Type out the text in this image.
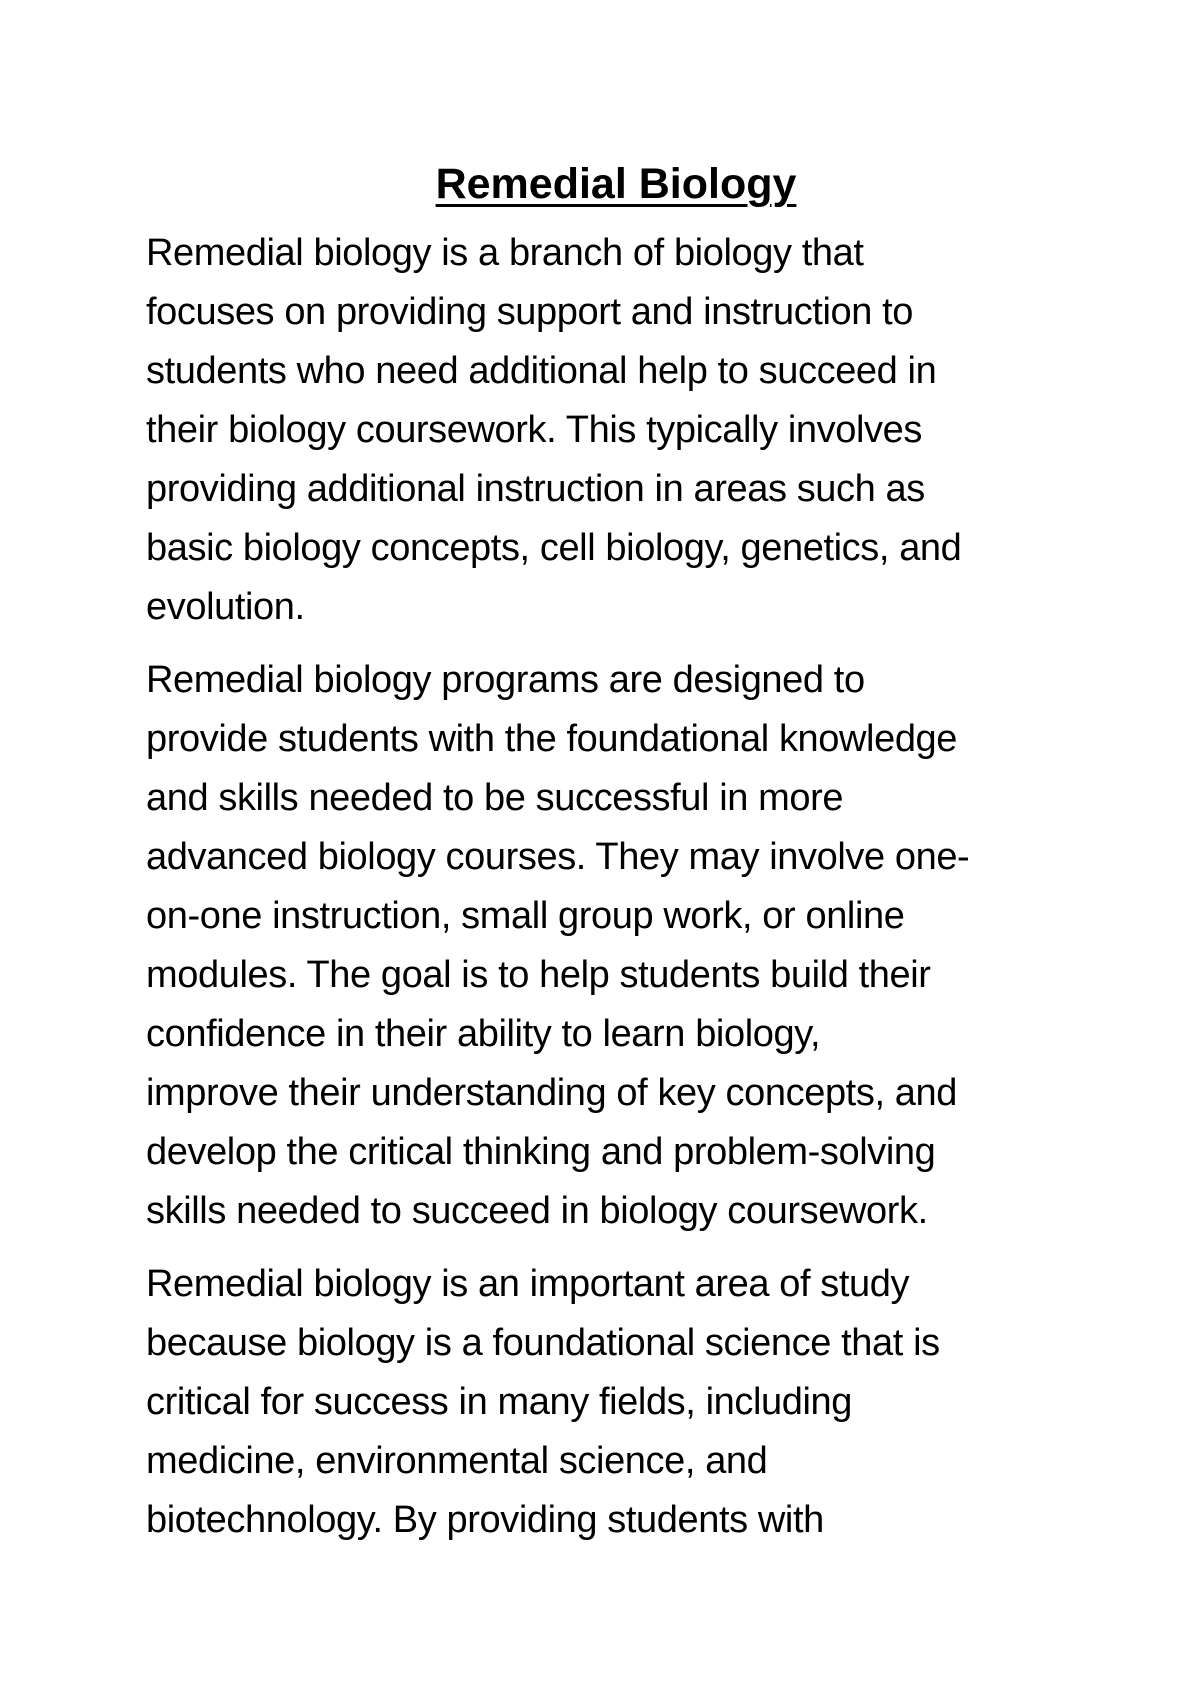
Remedial Biology

Remedial biology is a branch of biology that
focuses on providing support and instruction to
students who need additional help to succeed in
their biology coursework. This typically involves
providing additional instruction in areas such as
basic biology concepts, cell biology, genetics, and
evolution.

Remedial biology programs are designed to
provide students with the foundational knowledge
and skills needed to be successful in more
advanced biology courses. They may involve one-
on-one instruction, small group work, or online
modules. The goal is to help students build their
confidence in their ability to learn biology,
improve their understanding of key concepts, and
develop the critical thinking and problem-solving
skills needed to succeed in biology coursework.

Remedial biology is an important area of study
because biology is a foundational science that is
critical for success in many fields, including
medicine, environmental science, and
biotechnology. By providing students with
